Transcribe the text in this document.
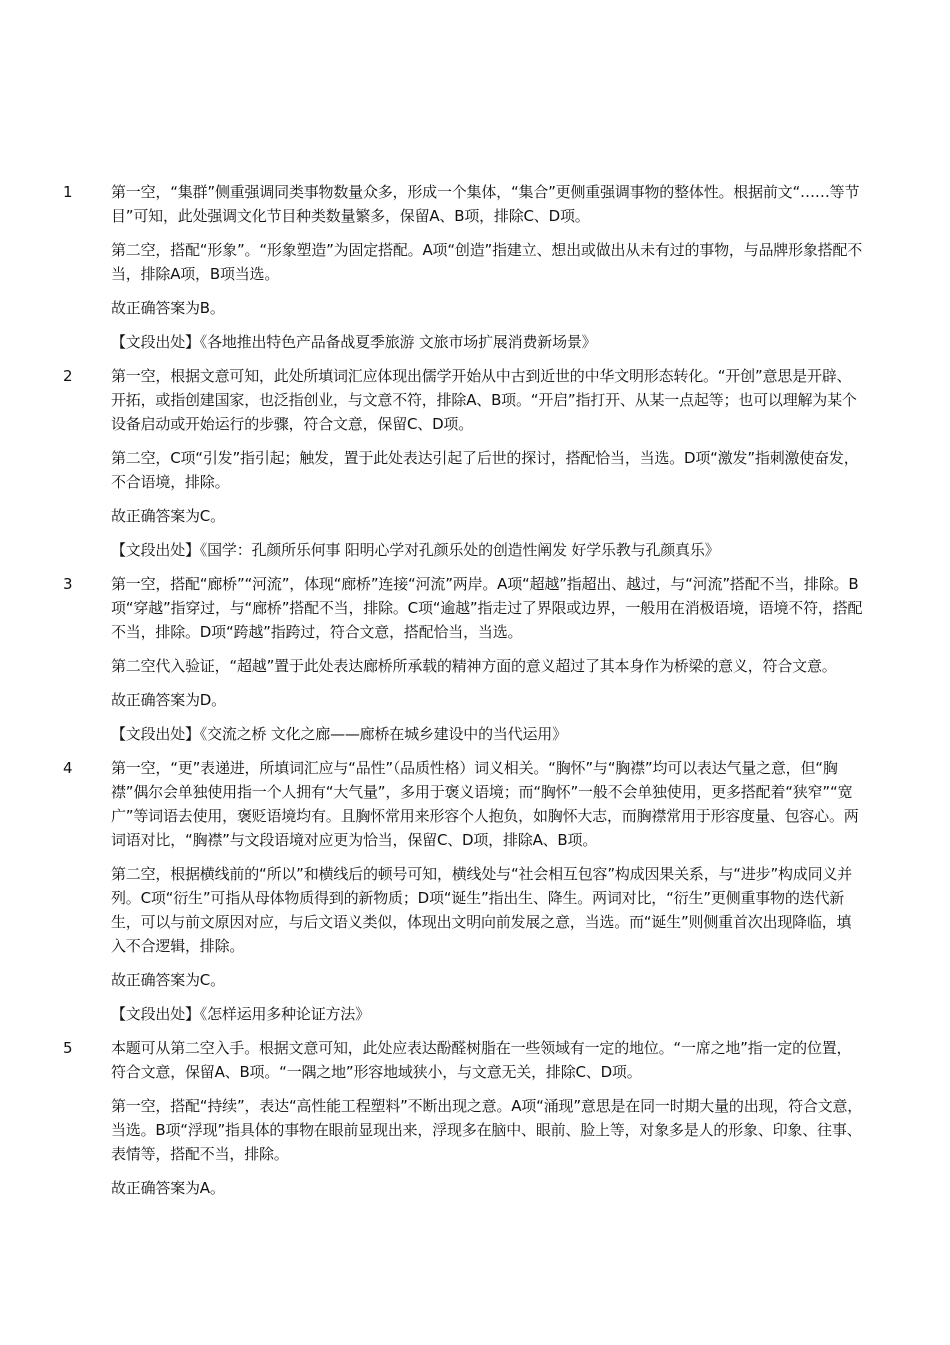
1	第一空，“集群”侧重强调同类事物数量众多，形成一个集体，“集合”更侧重强调事物的整体性。根据前文“……等节目”可知，此处强调文化节目种类数量繁多，保留A、B项，排除C、D项。

第二空，搭配“形象”。“形象塑造”为固定搭配。A项“创造”指建立、想出或做出从未有过的事物，与品牌形象搭配不当，排除A项，B项当选。

故正确答案为B。

【文段出处】《各地推出特色产品备战夏季旅游 文旅市场扩展消费新场景》

2	第一空，根据文意可知，此处所填词汇应体现出儒学开始从中古到近世的中华文明形态转化。“开创”意思是开辟、开拓，或指创建国家，也泛指创业，与文意不符，排除A、B项。“开启”指打开、从某一点起等；也可以理解为某个设备启动或开始运行的步骤，符合文意，保留C、D项。

第二空，C项“引发”指引起；触发，置于此处表达引起了后世的探讨，搭配恰当，当选。D项“激发”指刺激使奋发，不合语境，排除。

故正确答案为C。

【文段出处】《国学：孔颜所乐何事 阳明心学对孔颜乐处的创造性阐发 好学乐教与孔颜真乐》

3	第一空，搭配“廊桥”“河流”，体现“廊桥”连接“河流”两岸。A项“超越”指超出、越过，与“河流”搭配不当，排除。B项“穿越”指穿过，与“廊桥”搭配不当，排除。C项“逾越”指走过了界限或边界，一般用在消极语境，语境不符，搭配不当，排除。D项“跨越”指跨过，符合文意，搭配恰当，当选。

第二空代入验证，“超越”置于此处表达廊桥所承载的精神方面的意义超过了其本身作为桥梁的意义，符合文意。

故正确答案为D。

【文段出处】《交流之桥 文化之廊——廊桥在城乡建设中的当代运用》

4	第一空，“更”表递进，所填词汇应与“品性”（品质性格）词义相关。“胸怀”与“胸襟”均可以表达气量之意，但“胸襟”偶尔会单独使用指一个人拥有“大气量”，多用于褒义语境；而“胸怀”一般不会单独使用，更多搭配着“狭窄”“宽广”等词语去使用，褒贬语境均有。且胸怀常用来形容个人抱负，如胸怀大志，而胸襟常用于形容度量、包容心。两词语对比，“胸襟”与文段语境对应更为恰当，保留C、D项，排除A、B项。

第二空，根据横线前的“所以”和横线后的顿号可知，横线处与“社会相互包容”构成因果关系，与“进步”构成同义并列。C项“衍生”可指从母体物质得到的新物质；D项“诞生”指出生、降生。两词对比，“衍生”更侧重事物的迭代新生，可以与前文原因对应，与后文语义类似，体现出文明向前发展之意，当选。而“诞生”则侧重首次出现降临，填入不合逻辑，排除。

故正确答案为C。

【文段出处】《怎样运用多种论证方法》

5	本题可从第二空入手。根据文意可知，此处应表达酚醛树脂在一些领域有一定的地位。“一席之地”指一定的位置，符合文意，保留A、B项。“一隅之地”形容地域狭小，与文意无关，排除C、D项。

第一空，搭配“持续”，表达“高性能工程塑料”不断出现之意。A项“涌现”意思是在同一时期大量的出现，符合文意，当选。B项“浮现”指具体的事物在眼前显现出来，浮现多在脑中、眼前、脸上等，对象多是人的形象、印象、往事、表情等，搭配不当，排除。

故正确答案为A。
